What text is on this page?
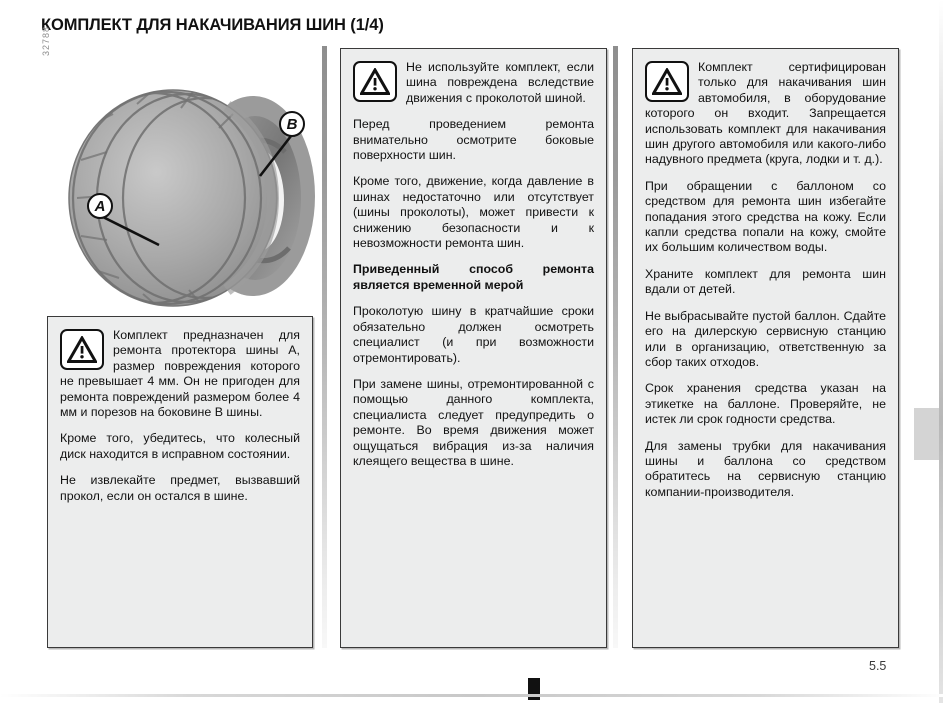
КОМПЛЕКТ ДЛЯ НАКАЧИВАНИЯ ШИН (1/4)
32788
A
B

Комплект предназначен для ремонта протектора шины A, размер повреждения которого не превышает 4 мм. Он не пригоден для ремонта повреждений размером более 4 мм и порезов на боковине B шины.

Кроме того, убедитесь, что колесный диск находится в исправном состоянии.

Не извлекайте предмет, вызвавший прокол, если он остался в шине.

Не используйте комплект, если шина повреждена вследствие движения с проколотой шиной.

Перед проведением ремонта внимательно осмотрите боковые поверхности шин.

Кроме того, движение, когда давление в шинах недостаточно или отсутствует (шины проколоты), может привести к снижению безопасности и к невозможности ремонта шин.

Приведенный способ ремонта является временной мерой

Проколотую шину в кратчайшие сроки обязательно должен осмотреть специалист (и при возможности отремонтировать).

При замене шины, отремонтированной с помощью данного комплекта, специалиста следует предупредить о ремонте. Во время движения может ощущаться вибрация из-за наличия клеящего вещества в шине.

Комплект сертифицирован только для накачивания шин автомобиля, в оборудование которого он входит. Запрещается использовать комплект для накачивания шин другого автомобиля или какого-либо надувного предмета (круга, лодки и т. д.).

При обращении с баллоном со средством для ремонта шин избегайте попадания этого средства на кожу. Если капли средства попали на кожу, смойте их большим количеством воды.

Храните комплект для ремонта шин вдали от детей.

Не выбрасывайте пустой баллон. Сдайте его на дилерскую сервисную станцию или в организацию, ответственную за сбор таких отходов.

Срок хранения средства указан на этикетке на баллоне. Проверяйте, не истек ли срок годности средства.

Для замены трубки для накачивания шины и баллона со средством обратитесь на сервисную станцию компании-производителя.

5.5
